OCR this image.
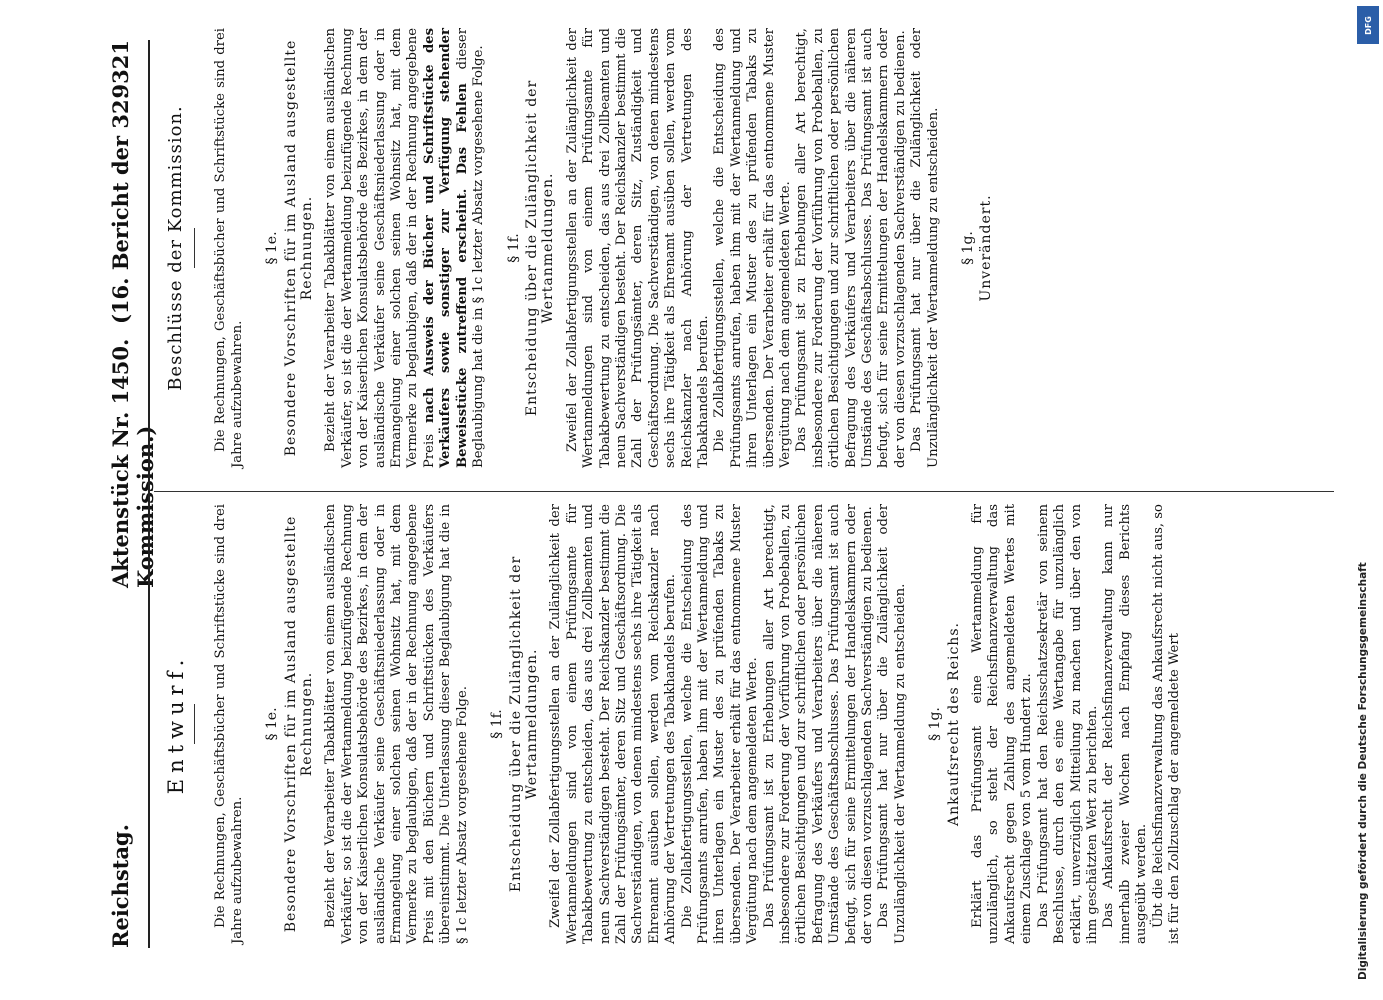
Reichstag.
Aktenstück Nr. 1450.  (16. Bericht der 32. Kommission.)
9321
Entwurf. Die Rechnungen, Geschäftsbücher und Schriftstücke sind drei Jahre aufzubewahren.

§ 1e. Besondere Vorschriften für im Ausland ausgestellte Rechnungen. Bezieht der Verarbeiter Tabakblätter von einem ausländischen Verkäufer, so ist die der Wertanmeldung beizufügende Rechnung von der Kaiserlichen Konsulatsbehörde des Bezirkes, in dem der ausländische Verkäufer seine Geschäftsniederlassung oder in Ermangelung einer solchen seinen Wohnsitz hat, mit dem Vermerke zu beglaubigen, daß der in der Rechnung angegebene Preis mit den Büchern und Schriftstücken des Verkäufers übereinstimmt. Die Unterlassung dieser Beglaubigung hat die in § 1c letzter Absatz vorgesehene Folge. § 1f. Entscheidung über die Zulänglichkeit der Wertanmeldungen. Zweifel der Zollabfertigungsstellen an der Zulänglichkeit der Wertanmeldungen sind von einem Prüfungsamte für Tabakbewertung zu entscheiden, das aus drei Zollbeamten und neun Sachverständigen besteht. Der Reichskanzler bestimmt die Zahl der Prüfungsämter, deren Sitz und Geschäftsordnung. Die Sachverständigen, von denen mindestens sechs ihre Tätigkeit als Ehrenamt ausüben sollen, werden vom Reichskanzler nach Anhörung der Vertretungen des Tabakhandels berufen. Die Zollabfertigungsstellen, welche die Entscheidung des Prüfungsamts anrufen, haben ihm mit der Wertanmeldung und ihren Unterlagen ein Muster des zu prüfenden Tabaks zu übersenden. Der Verarbeiter erhält für das entnommene Muster Vergütung nach dem angemeldeten Werte. Das Prüfungsamt ist zu Erhebungen aller Art berechtigt, insbesondere zur Forderung der Vorführung von Probeballen, zu örtlichen Besichtigungen und zur schriftlichen oder persönlichen Befragung des Verkäufers und Verarbeiters über die näheren Umstände des Geschäftsabschlusses. Das Prüfungsamt ist auch befugt, sich für seine Ermittelungen der Handelskammern oder der von diesen vorzuschlagenden Sachverständigen zu bedienen. Das Prüfungsamt hat nur über die Zulänglichkeit oder Unzulänglichkeit der Wertanmeldung zu entscheiden. § 1g. Ankaufsrecht des Reichs. Erklärt das Prüfungsamt eine Wertanmeldung für unzulänglich, so steht der Reichsfinanzverwaltung das Ankaufsrecht gegen Zahlung des angemeldeten Wertes mit einem Zuschlage von 5 vom Hundert zu. Das Prüfungsamt hat den Reichsschatzsekretär von seinem Beschlusse, durch den es eine Wertangabe für unzulänglich erklärt, unverzüglich Mitteilung zu machen und über den von ihm geschätzten Wert zu berichten. Das Ankaufsrecht der Reichsfinanzverwaltung kann nur innerhalb zweier Wochen nach Empfang dieses Berichts ausgeübt werden. Übt die Reichsfinanzverwaltung das Ankaufsrecht nicht aus, so ist für den Zollzuschlag der angemeldete Wert

Beschlüsse der Kommission. Die Rechnungen, Geschäftsbücher und Schriftstücke sind drei Jahre aufzubewahren.

§ 1e. Besondere Vorschriften für im Ausland ausgestellte Rechnungen. Bezieht der Verarbeiter Tabakblätter von einem ausländischen Verkäufer, so ist die der Wertanmeldung beizufügende Rechnung von der Kaiserlichen Konsulatsbehörde des Bezirkes, in dem der ausländische Verkäufer seine Geschäftsniederlassung oder in Ermangelung einer solchen seinen Wohnsitz hat, mit dem Vermerke zu beglaubigen, daß der in der Rechnung angegebene Preis nach Ausweis der Bücher und Schriftstücke des Verkäufers sowie sonstiger zur Verfügung stehender Beweisstücke zutreffend erscheint. Das Fehlen dieser Beglaubigung hat die in § 1c letzter Absatz vorgesehene Folge. § 1f. Entscheidung über die Zulänglichkeit der Wertanmeldungen. Zweifel der Zollabfertigungsstellen an der Zulänglichkeit der Wertanmeldungen sind von einem Prüfungsamte für Tabakbewertung zu entscheiden, das aus drei Zollbeamten und neun Sachverständigen besteht. Der Reichskanzler bestimmt die Zahl der Prüfungsämter, deren Sitz, Zuständigkeit und Geschäftsordnung. Die Sachverständigen, von denen mindestens sechs ihre Tätigkeit als Ehrenamt ausüben sollen, werden vom Reichskanzler nach Anhörung der Vertretungen des Tabakhandels berufen. Die Zollabfertigungsstellen, welche die Entscheidung des Prüfungsamts anrufen, haben ihm mit der Wertanmeldung und ihren Unterlagen ein Muster des zu prüfenden Tabaks zu übersenden. Der Verarbeiter erhält für das entnommene Muster Vergütung nach dem angemeldeten Werte. Das Prüfungsamt ist zu Erhebungen aller Art berechtigt, insbesondere zur Forderung der Vorführung von Probeballen, zu örtlichen Besichtigungen und zur schriftlichen oder persönlichen Befragung des Verkäufers und Verarbeiters über die näheren Umstände des Geschäftsabschlusses. Das Prüfungsamt ist auch befugt, sich für seine Ermittelungen der Handelskammern oder der von diesen vorzuschlagenden Sachverständigen zu bedienen. Das Prüfungsamt hat nur über die Zulänglichkeit oder Unzulänglichkeit der Wertanmeldung zu entscheiden. § 1g. Unverändert.
DFG
Digitalisierung gefördert durch die Deutsche Forschungsgemeinschaft
